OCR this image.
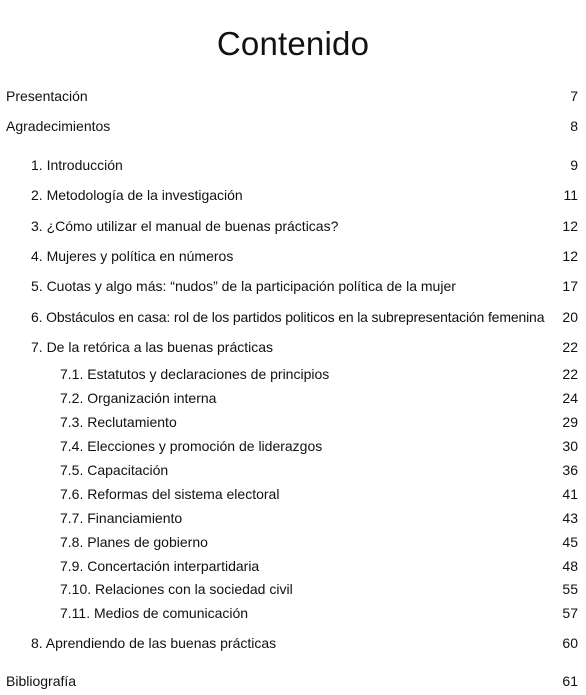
Contenido
Presentación	7
Agradecimientos	8
1. Introducción	9
2. Metodología de la investigación	11
3. ¿Cómo utilizar el manual de buenas prácticas?	12
4. Mujeres y política en números	12
5. Cuotas y algo más: “nudos” de la participación política de la mujer	17
6. Obstáculos en casa: rol de los partidos politicos en la subrepresentación femenina 20
7. De la retórica a las buenas prácticas	22
7.1. Estatutos y declaraciones de principios	22
7.2. Organización interna	24
7.3. Reclutamiento	29
7.4. Elecciones y promoción de liderazgos	30
7.5. Capacitación	36
7.6. Reformas del sistema electoral	41
7.7. Financiamiento	43
7.8. Planes de gobierno	45
7.9. Concertación interpartidaria	48
7.10. Relaciones con la sociedad civil	55
7.11. Medios de comunicación	57
8. Aprendiendo de las buenas prácticas	60
Bibliografía	61
